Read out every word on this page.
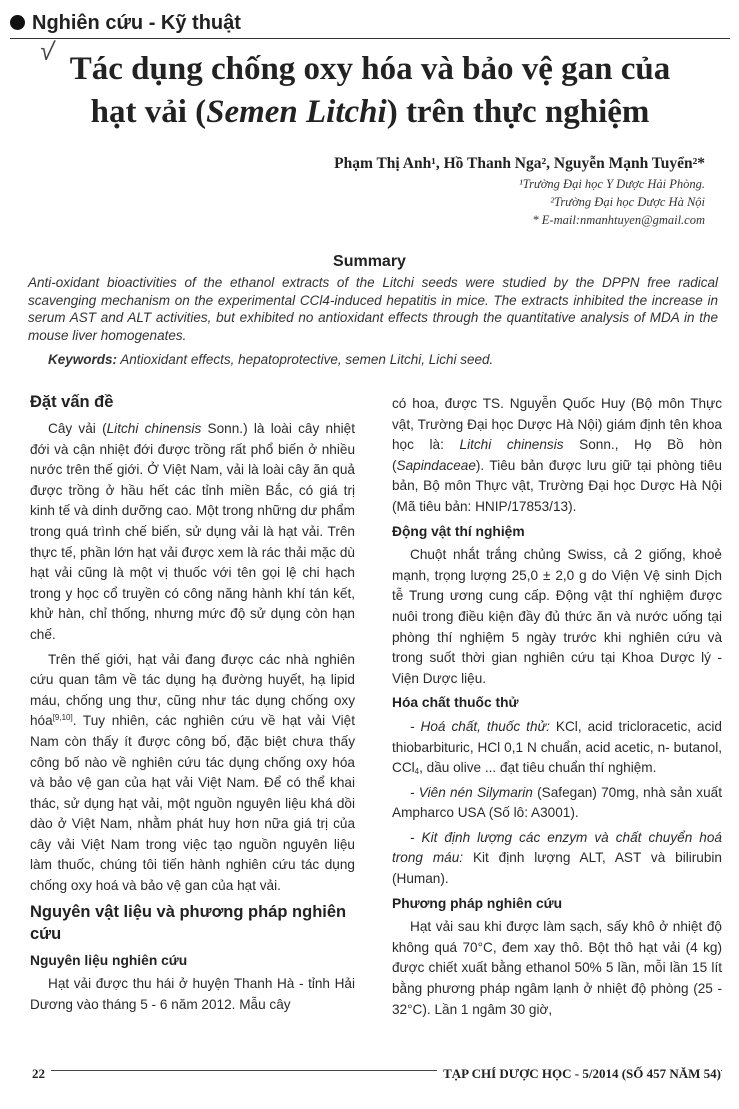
Nghiên cứu - Kỹ thuật
√ Tác dụng chống oxy hóa và bảo vệ gan của
hạt vải (Semen Litchi) trên thực nghiệm
Phạm Thị Anh¹, Hồ Thanh Nga², Nguyễn Mạnh Tuyển²*
¹Trường Đại học Y Dược Hải Phòng.
²Trường Đại học Dược Hà Nội
* E-mail:nmanhtuyen@gmail.com
Summary
Anti-oxidant bioactivities of the ethanol extracts of the Litchi seeds were studied by the DPPN free radical scavenging mechanism on the experimental CCl4-induced hepatitis in mice. The extracts inhibited the increase in serum AST and ALT activities, but exhibited no antioxidant effects through the quantitative analysis of MDA in the mouse liver homogenates.
Keywords: Antioxidant effects, hepatoprotective, semen Litchi, Lichi seed.
Đặt vấn đề

Cây vải (Litchi chinensis Sonn.) là loài cây nhiệt đới và cận nhiệt đới được trồng rất phổ biến ở nhiều nước trên thế giới. Ở Việt Nam, vải là loài cây ăn quả được trồng ở hầu hết các tỉnh miền Bắc, có giá trị kinh tế và dinh dưỡng cao. Một trong những dư phẩm trong quá trình chế biến, sử dụng vải là hạt vải. Trên thực tế, phần lớn hạt vải được xem là rác thải mặc dù hạt vải cũng là một vị thuốc với tên gọi lệ chi hạch trong y học cổ truyền có công năng hành khí tán kết, khử hàn, chỉ thống, nhưng mức độ sử dụng còn hạn chế.

Trên thế giới, hạt vải đang được các nhà nghiên cứu quan tâm về tác dụng hạ đường huyết, hạ lipid máu, chống ung thư, cũng như tác dụng chống oxy hóa[9,10]. Tuy nhiên, các nghiên cứu về hạt vải Việt Nam còn thấy ít được công bố, đặc biệt chưa thấy công bố nào về nghiên cứu tác dụng chống oxy hóa và bảo vệ gan của hạt vải Việt Nam. Để có thể khai thác, sử dụng hạt vải, một nguồn nguyên liệu khá dồi dào ở Việt Nam, nhằm phát huy hơn nữa giá trị của cây vải Việt Nam trong việc tạo nguồn nguyên liệu làm thuốc, chúng tôi tiến hành nghiên cứu tác dụng chống oxy hoá và bảo vệ gan của hạt vải.

Nguyên vật liệu và phương pháp nghiên cứu
Nguyên liệu nghiên cứu

Hạt vải được thu hái ở huyện Thanh Hà - tỉnh Hải Dương vào tháng 5 - 6 năm 2012. Mẫu cây

có hoa, được TS. Nguyễn Quốc Huy (Bộ môn Thực vật, Trường Đại học Dược Hà Nội) giám định tên khoa học là: Litchi chinensis Sonn., Họ Bồ hòn (Sapindaceae). Tiêu bản được lưu giữ tại phòng tiêu bản, Bộ môn Thực vật, Trường Đại học Dược Hà Nội (Mã tiêu bản: HNIP/17853/13).

Động vật thí nghiệm

Chuột nhắt trắng chủng Swiss, cả 2 giống, khoẻ mạnh, trọng lượng 25,0 ± 2,0 g do Viện Vệ sinh Dịch tễ Trung ương cung cấp. Động vật thí nghiệm được nuôi trong điều kiện đầy đủ thức ăn và nước uống tại phòng thí nghiệm 5 ngày trước khi nghiên cứu và trong suốt thời gian nghiên cứu tại Khoa Dược lý - Viện Dược liệu.

Hóa chất thuốc thử

- Hoá chất, thuốc thử: KCl, acid tricloracetic, acid thiobarbituric, HCl 0,1 N chuẩn, acid acetic, n- butanol, CCl$_4$, dầu olive ... đạt tiêu chuẩn thí nghiệm.

- Viên nén Silymarin (Safegan) 70mg, nhà sản xuất Ampharco USA (Số lô: A3001).

- Kit định lượng các enzym và chất chuyển hoá trong máu: Kit định lượng ALT, AST và bilirubin (Human).

Phương pháp nghiên cứu

Hạt vải sau khi được làm sạch, sấy khô ở nhiệt độ không quá 70°C, đem xay thô. Bột thô hạt vải (4 kg) được chiết xuất bằng ethanol 50% 5 lần, mỗi lần 15 lít bằng phương pháp ngâm lạnh ở nhiệt độ phòng (25 - 32°C). Lần 1 ngâm 30 giờ,

22	TẠP CHÍ DƯỢC HỌC - 5/2014 (SỐ 457 NĂM 54)
